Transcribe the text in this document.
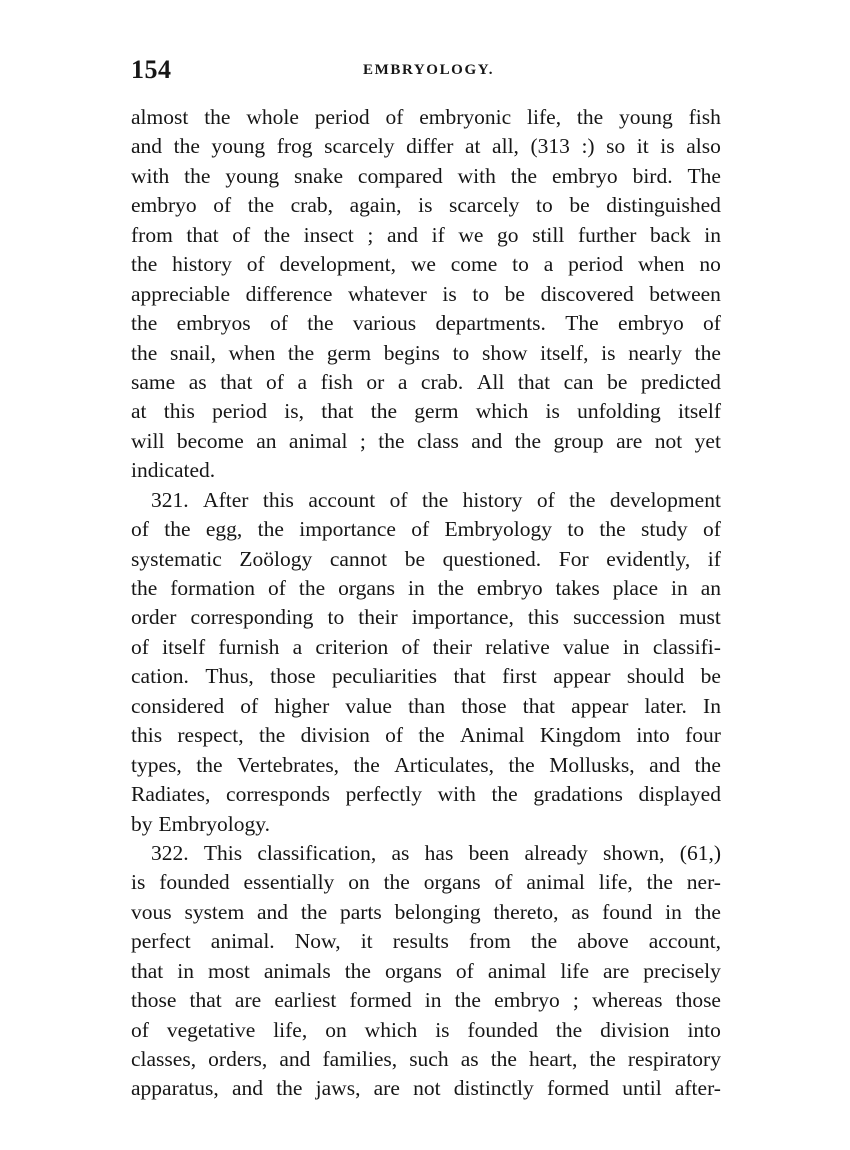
154	EMBRYOLOGY.
almost the whole period of embryonic life, the young fish
and the young frog scarcely differ at all, (313 :) so it is also
with the young snake compared with the embryo bird. The
embryo of the crab, again, is scarcely to be distinguished
from that of the insect ; and if we go still further back in
the history of development, we come to a period when no
appreciable difference whatever is to be discovered between
the embryos of the various departments. The embryo of
the snail, when the germ begins to show itself, is nearly the
same as that of a fish or a crab. All that can be predicted
at this period is, that the germ which is unfolding itself
will become an animal ; the class and the group are not yet
indicated.
321. After this account of the history of the development
of the egg, the importance of Embryology to the study of
systematic Zoölogy cannot be questioned. For evidently, if
the formation of the organs in the embryo takes place in an
order corresponding to their importance, this succession must
of itself furnish a criterion of their relative value in classifi-
cation. Thus, those peculiarities that first appear should be
considered of higher value than those that appear later. In
this respect, the division of the Animal Kingdom into four
types, the Vertebrates, the Articulates, the Mollusks, and the
Radiates, corresponds perfectly with the gradations displayed
by Embryology.
322. This classification, as has been already shown, (61,)
is founded essentially on the organs of animal life, the ner-
vous system and the parts belonging thereto, as found in the
perfect animal. Now, it results from the above account,
that in most animals the organs of animal life are precisely
those that are earliest formed in the embryo ; whereas those
of vegetative life, on which is founded the division into
classes, orders, and families, such as the heart, the respiratory
apparatus, and the jaws, are not distinctly formed until after-
